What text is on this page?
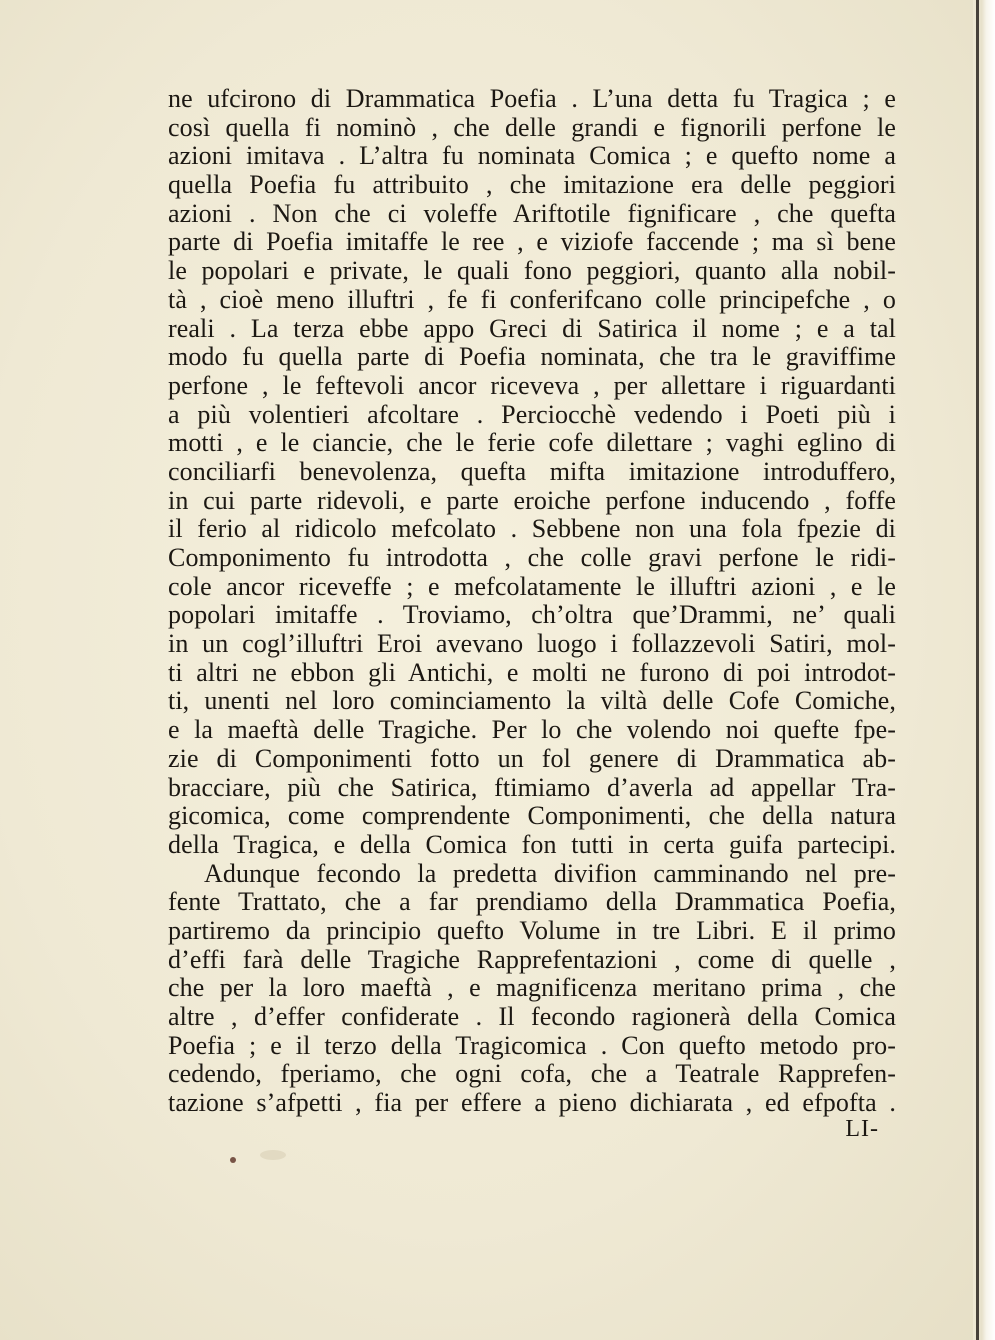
ne ufcirono di Drammatica Poefia . L’una detta fu Tragica ; e
così quella fi nominò , che delle grandi e fignorili perfone le
azioni imitava . L’altra fu nominata Comica ; e quefto nome a
quella Poefia fu attribuito , che imitazione era delle peggiori
azioni . Non che ci voleffe Ariftotile fignificare , che quefta
parte di Poefia imitaffe le ree , e viziofe faccende ; ma sì bene
le popolari e private, le quali fono peggiori, quanto alla nobil-
tà , cioè meno illuftri , fe fi conferifcano colle principefche , o
reali . La terza ebbe appo Greci di Satirica il nome ; e a tal
modo fu quella parte di Poefia nominata, che tra le graviffime
perfone , le feftevoli ancor riceveva , per allettare i riguardanti
a più volentieri afcoltare . Perciocchè vedendo i Poeti più i
motti , e le ciancie, che le ferie cofe dilettare ; vaghi eglino di
conciliarfi benevolenza, quefta mifta imitazione introduffero,
in cui parte ridevoli, e parte eroiche perfone inducendo , foffe
il ferio al ridicolo mefcolato . Sebbene non una fola fpezie di
Componimento fu introdotta , che colle gravi perfone le ridi-
cole ancor riceveffe ; e mefcolatamente le illuftri azioni , e le
popolari imitaffe . Troviamo, ch’oltra que’Drammi, ne’ quali
in un cogl’illuftri Eroi avevano luogo i follazzevoli Satiri, mol-
ti altri ne ebbon gli Antichi, e molti ne furono di poi introdot-
ti, unenti nel loro cominciamento la viltà delle Cofe Comiche,
e la maeftà delle Tragiche. Per lo che volendo noi quefte fpe-
zie di Componimenti fotto un fol genere di Drammatica ab-
bracciare, più che Satirica, ftimiamo d’averla ad appellar Tra-
gicomica, come comprendente Componimenti, che della natura
della Tragica, e della Comica fon tutti in certa guifa partecipi.
Adunque fecondo la predetta divifion camminando nel pre-
fente Trattato, che a far prendiamo della Drammatica Poefia,
partiremo da principio quefto Volume in tre Libri. E il primo
d’effi farà delle Tragiche Rapprefentazioni , come di quelle ,
che per la loro maeftà , e magnificenza meritano prima , che
altre , d’effer confiderate . Il fecondo ragionerà della Comica
Poefia ; e il terzo della Tragicomica . Con quefto metodo pro-
cedendo, fperiamo, che ogni cofa, che a Teatrale Rapprefen-
tazione s’afpetti , fia per effere a pieno dichiarata , ed efpofta .
LI-
